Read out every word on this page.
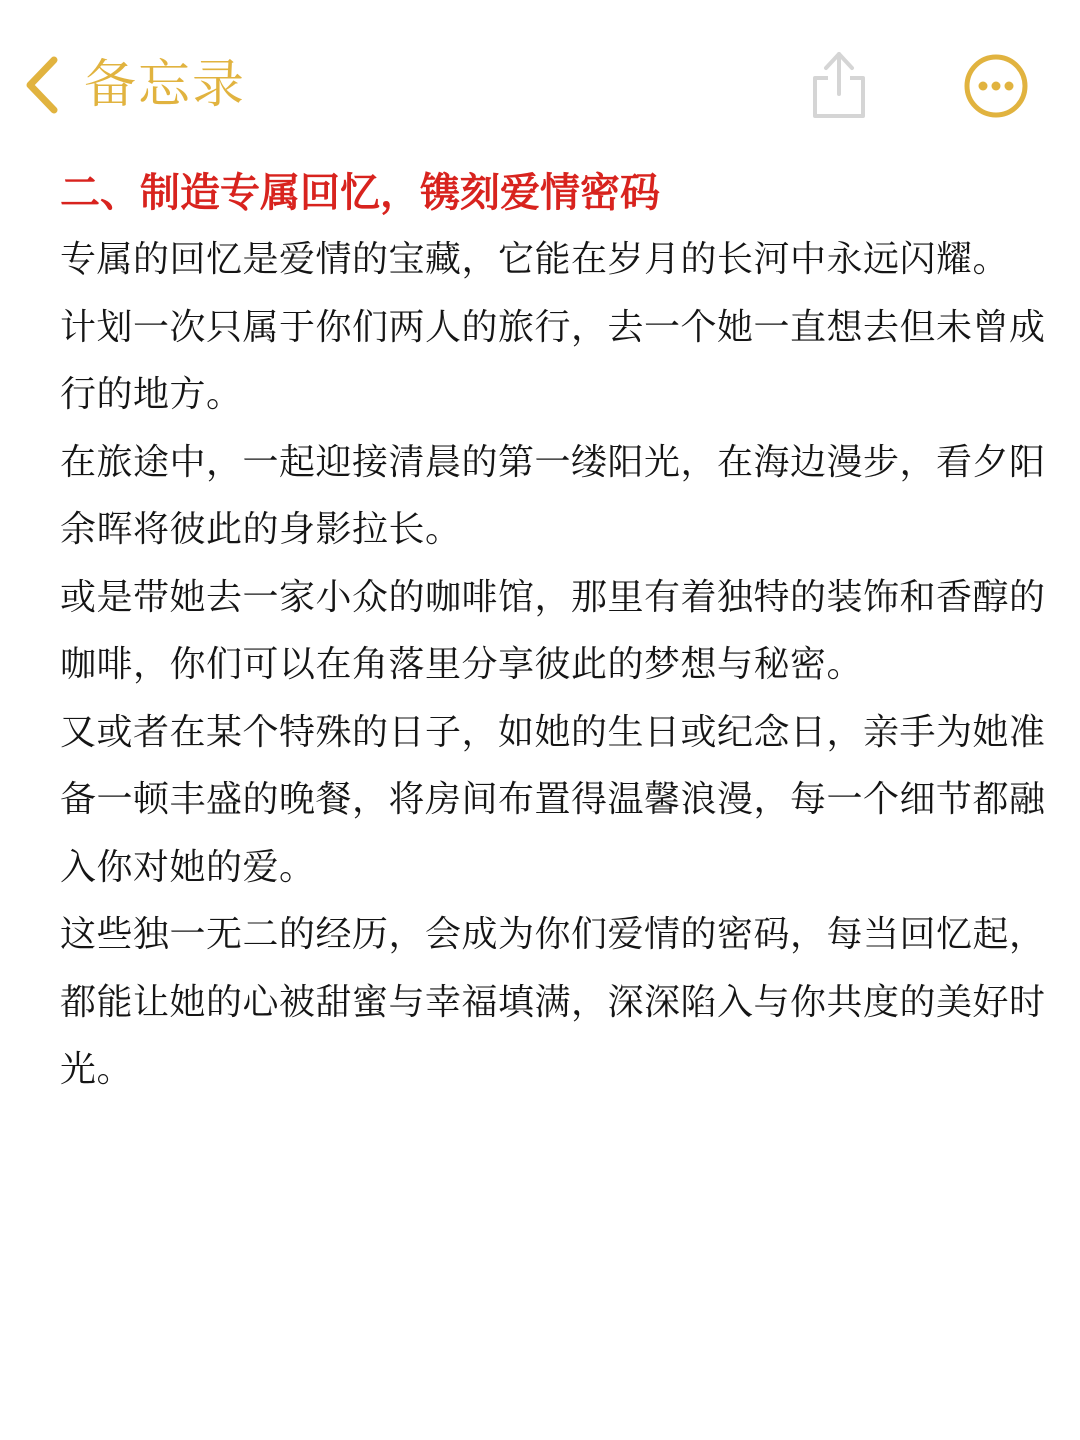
备忘录
二、制造专属回忆，镌刻爱情密码

专属的回忆是爱情的宝藏，它能在岁月的长河中永远闪耀。

计划一次只属于你们两人的旅行，去一个她一直想去但未曾成行的地方。

在旅途中，一起迎接清晨的第一缕阳光，在海边漫步，看夕阳余晖将彼此的身影拉长。

或是带她去一家小众的咖啡馆，那里有着独特的装饰和香醇的咖啡，你们可以在角落里分享彼此的梦想与秘密。

又或者在某个特殊的日子，如她的生日或纪念日，亲手为她准备一顿丰盛的晚餐，将房间布置得温馨浪漫，每一个细节都融入你对她的爱。

这些独一无二的经历，会成为你们爱情的密码，每当回忆起，都能让她的心被甜蜜与幸福填满，深深陷入与你共度的美好时光。
